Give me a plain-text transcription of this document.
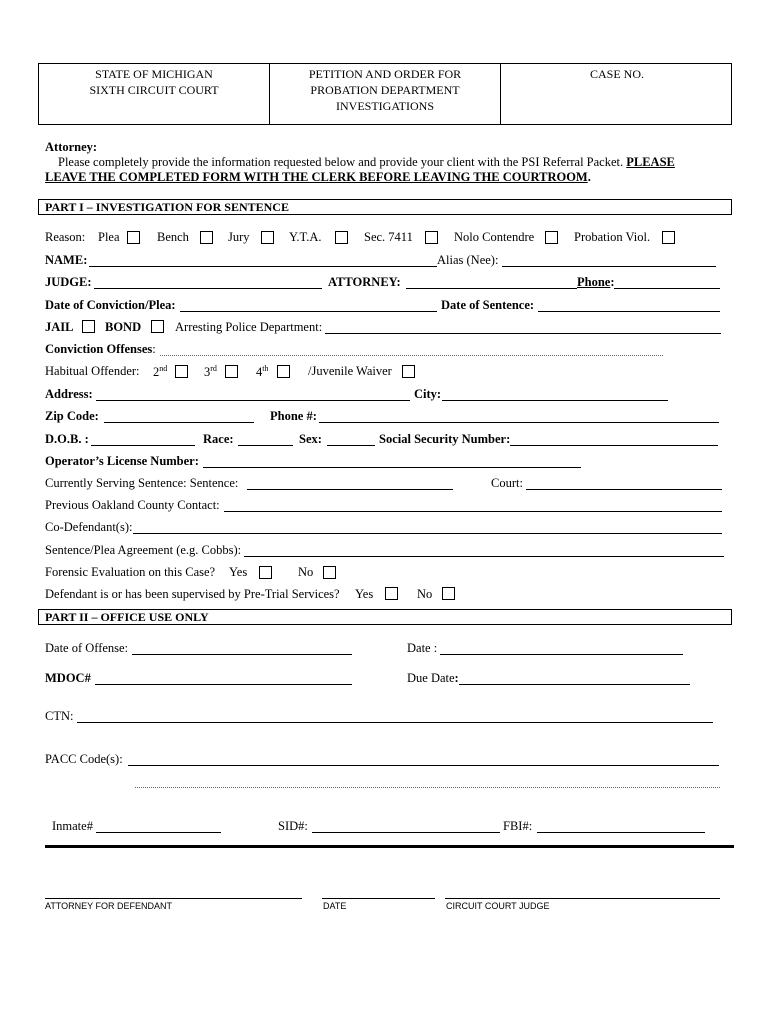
STATE OF MICHIGAN
SIXTH CIRCUIT COURT
PETITION AND ORDER FOR
PROBATION DEPARTMENT
INVESTIGATIONS
CASE NO.
Attorney:
Please completely provide the information requested below and provide your client with the PSI Referral Packet. PLEASE
LEAVE THE COMPLETED FORM WITH THE CLERK BEFORE LEAVING THE COURTROOM.
PART I – INVESTIGATION FOR SENTENCE
Reason: Plea	Bench	Jury	Y.T.A.	Sec. 7411	Nolo Contendre	Probation Viol.
NAME:	Alias (Nee):
JUDGE:	ATTORNEY:	Phone:
Date of Conviction/Plea:	Date of Sentence:
JAIL	BOND	Arresting Police Department:
Conviction Offenses:
Habitual Offender: 2nd	3rd	4th	/Juvenile Waiver
Address:	City:
Zip Code:	Phone #:
D.O.B. :	Race:	Sex:	Social Security Number:
Operator’s License Number:
Currently Serving Sentence: Sentence:	Court:
Previous Oakland County Contact:
Co-Defendant(s):
Sentence/Plea Agreement (e.g. Cobbs):
Forensic Evaluation on this Case? Yes	No
Defendant is or has been supervised by Pre-Trial Services? Yes	No
PART II – OFFICE USE ONLY
Date of Offense:	Date :
MDOC#	Due Date:
CTN:
PACC Code(s):
Inmate#	SID#:	FBI#:
ATTORNEY FOR DEFENDANT	DATE	CIRCUIT COURT JUDGE
